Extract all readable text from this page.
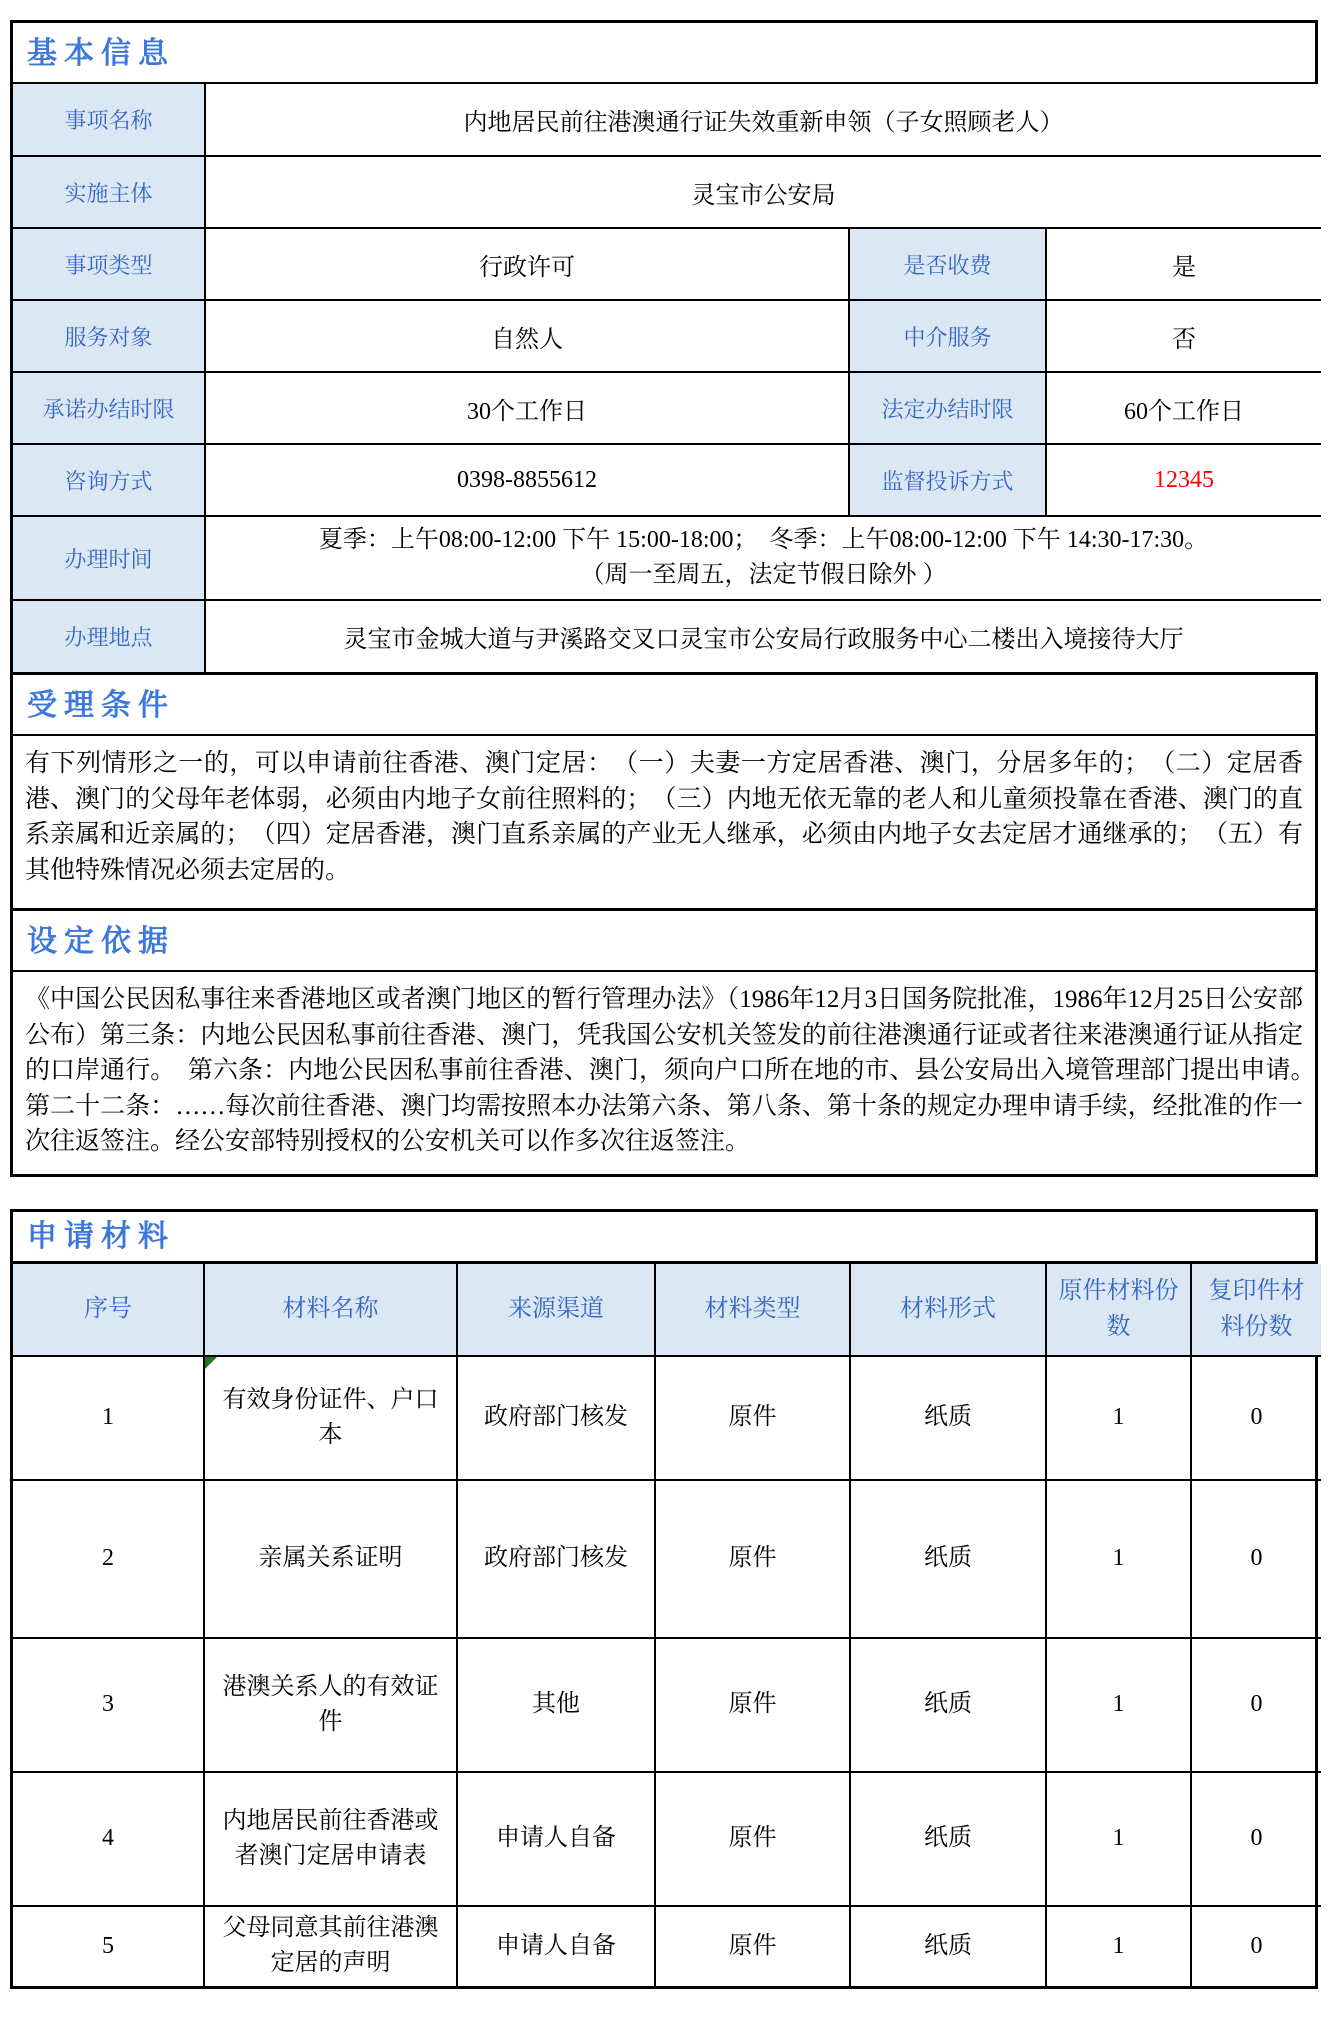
基本信息
事项名称	内地居民前往港澳通行证失效重新申领（子女照顾老人）		
实施主体	灵宝市公安局		
事项类型	行政许可	是否收费	是
服务对象	自然人	中介服务	否
承诺办结时限	30个工作日	法定办结时限	60个工作日
咨询方式	0398-8855612	监督投诉方式	12345
办理时间	夏季：上午08:00-12:00 下午 15:00-18:00；　冬季：上午08:00-12:00 下午 14:30-17:30。
（周一至周五，法定节假日除外 ）		

办理地点	灵宝市金城大道与尹溪路交叉口灵宝市公安局行政服务中心二楼出入境接待大厅		
受理条件
有下列情形之一的，可以申请前往香港、澳门定居：　（一）夫妻一方定居香港、澳门，分居多年的；　（二）定居香港、澳门的父母年老体弱，必须由内地子女前往照料的；　（三）内地无依无靠的老人和儿童须投靠在香港、澳门的直系亲属和近亲属的；　（四）定居香港，澳门直系亲属的产业无人继承，必须由内地子女去定居才通继承的；　（五）有其他特殊情况必须去定居的。
设定依据
《中国公民因私事往来香港地区或者澳门地区的暂行管理办法》（1986年12月3日国务院批准，1986年12月25日公安部公布）第三条：内地公民因私事前往香港、澳门，凭我国公安机关签发的前往港澳通行证或者往来港澳通行证从指定的口岸通行。　第六条：内地公民因私事前往香港、澳门，须向户口所在地的市、县公安局出入境管理部门提出申请。　第二十二条：……每次前往香港、澳门均需按照本办法第六条、第八条、第十条的规定办理申请手续，经批准的作一次往返签注。经公安部特别授权的公安机关可以作多次往返签注。
申请材料
序号	材料名称	来源渠道	材料类型	材料形式	原件材料份数	复印件材料份数
1	有效身份证件、户口本	政府部门核发	原件	纸质	1	0
2	亲属关系证明	政府部门核发	原件	纸质	1	0
3	港澳关系人的有效证件	其他	原件	纸质	1	0
4	内地居民前往香港或者澳门定居申请表	申请人自备	原件	纸质	1	0
5	父母同意其前往港澳定居的声明	申请人自备	原件	纸质	1	0
